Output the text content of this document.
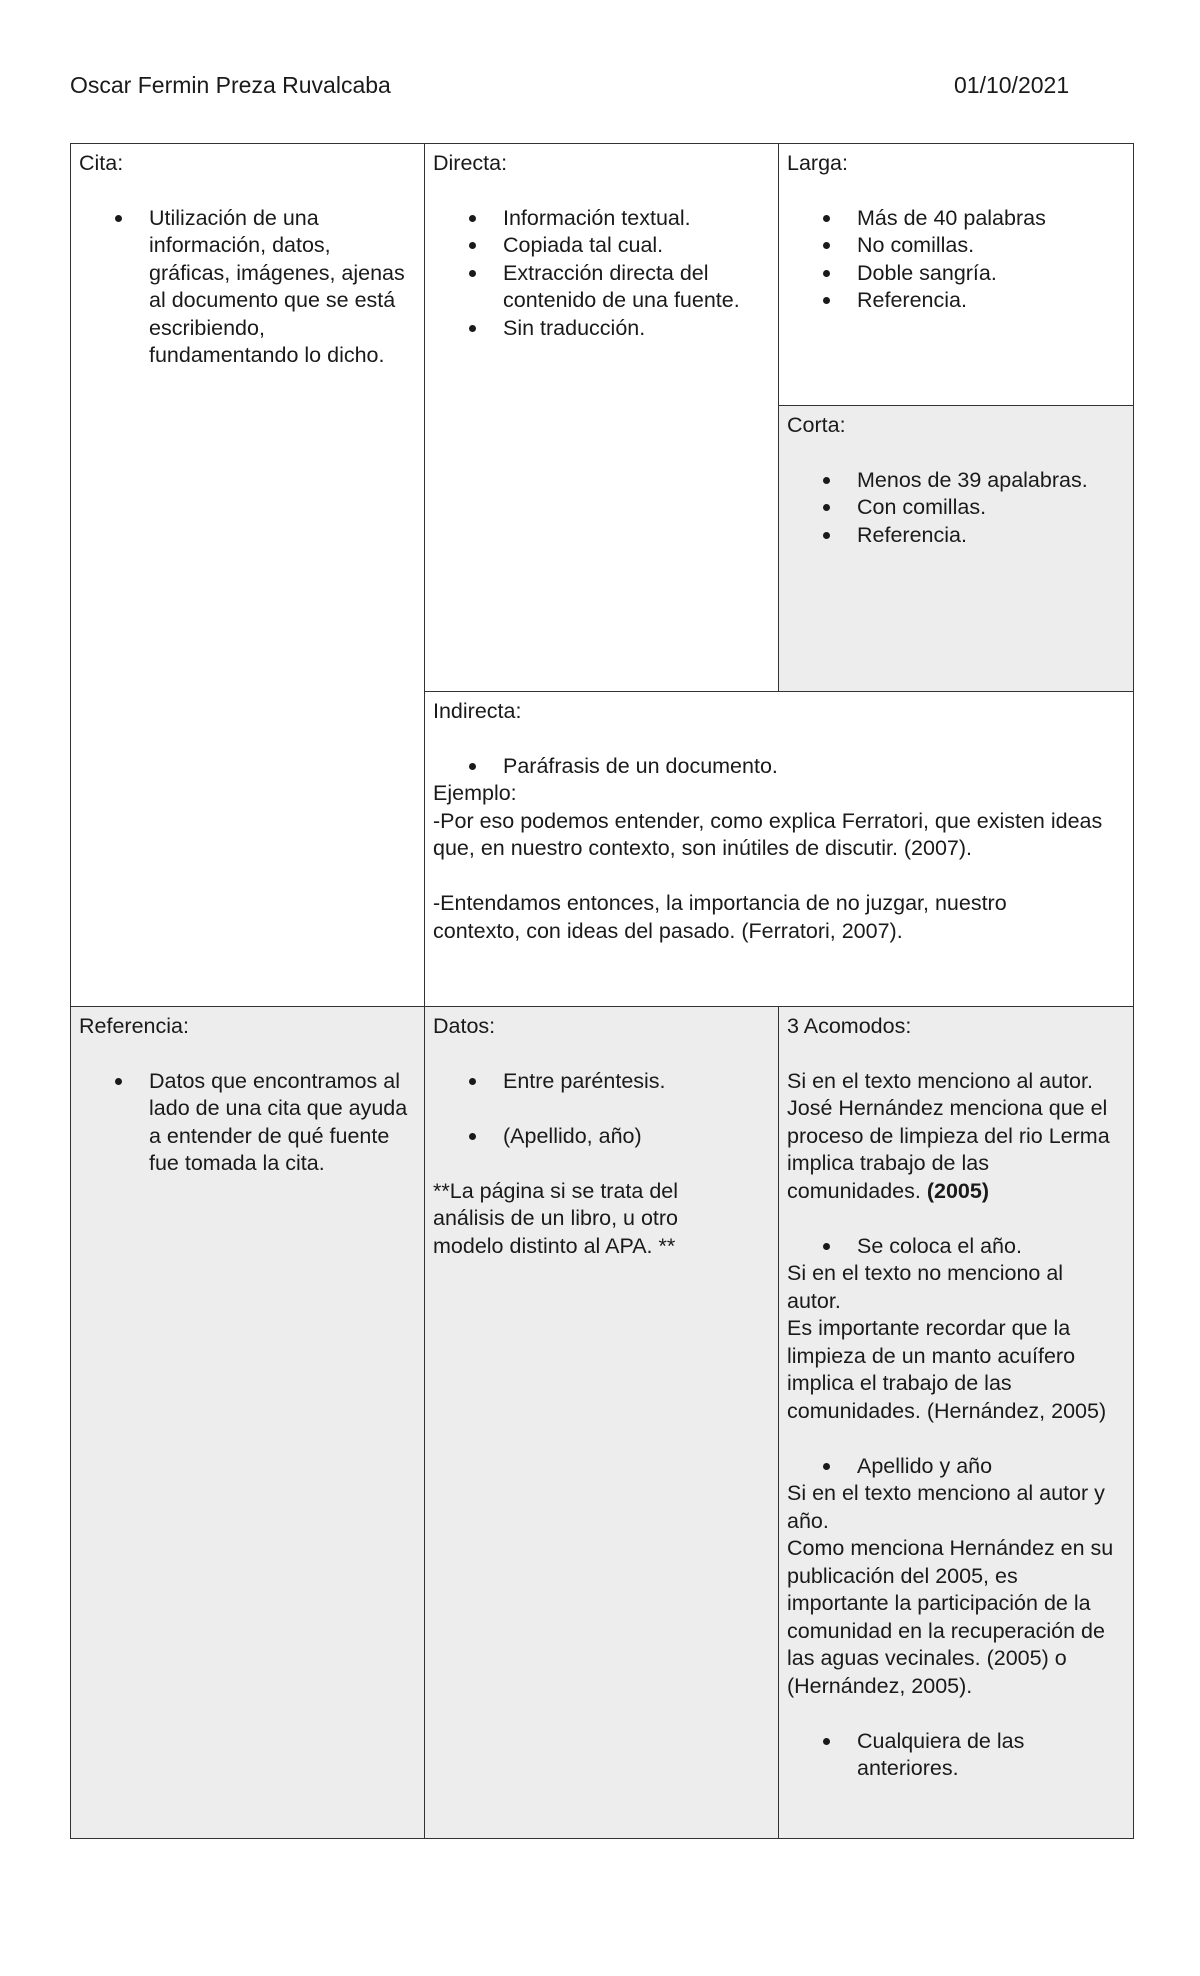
Oscar Fermin Preza Ruvalcaba	01/10/2021

Cita:

Utilización de una información, datos, gráficas, imágenes, ajenas al documento que se está escribiendo, fundamentando lo dicho.

Directa:

Información textual.
Copiada tal cual.
Extracción directa del contenido de una fuente.
Sin traducción.

Larga:

Más de 40 palabras
No comillas.
Doble sangría.
Referencia.

Corta:

Menos de 39 apalabras.
Con comillas.
Referencia.

Indirecta:

Paráfrasis de un documento.

Ejemplo:

-Por eso podemos entender, como explica Ferratori, que existen ideas que, en nuestro contexto, son inútiles de discutir. (2007).

-Entendamos entonces, la importancia de no juzgar, nuestro contexto, con ideas del pasado. (Ferratori, 2007).

Referencia:

Datos que encontramos al lado de una cita que ayuda a entender de qué fuente fue tomada la cita.

Datos:

Entre paréntesis.
(Apellido, año)

**La página si se trata del análisis de un libro, u otro modelo distinto al APA. **

3 Acomodos:

Si en el texto menciono al autor.

José Hernández menciona que el proceso de limpieza del rio Lerma implica trabajo de las comunidades. (2005)

Se coloca el año.

Si en el texto no menciono al autor.

Es importante recordar que la limpieza de un manto acuífero implica el trabajo de las comunidades. (Hernández, 2005)

Apellido y año

Si en el texto menciono al autor y año.

Como menciona Hernández en su publicación del 2005, es importante la participación de la comunidad en la recuperación de las aguas vecinales. (2005) o (Hernández, 2005).

Cualquiera de las anteriores.
